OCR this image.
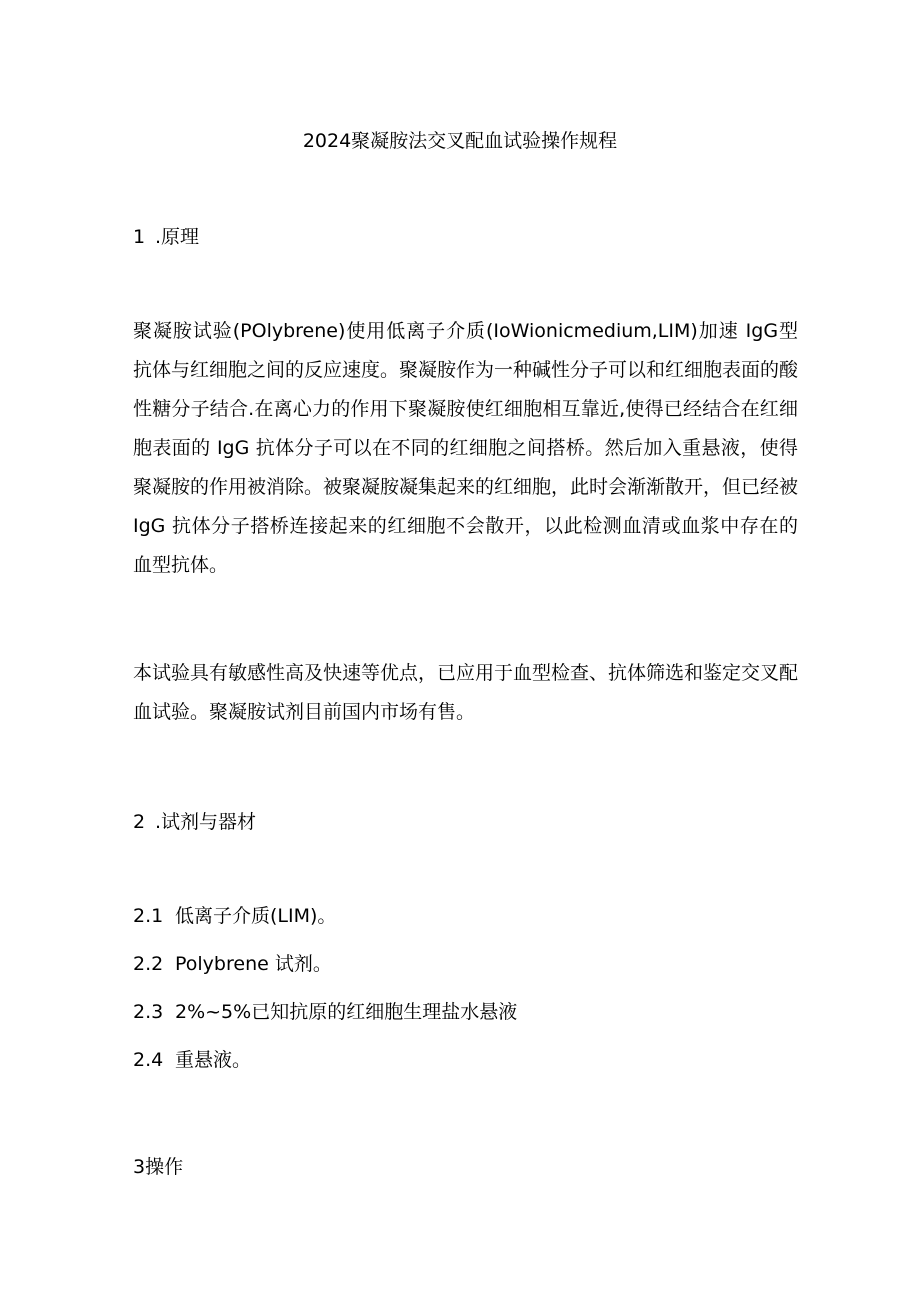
2024聚凝胺法交叉配血试验操作规程
1 .原理

聚凝胺试验(POlybrene)使用低离子介质(IoWionicmedium,LIM)加速 IgG型抗体与红细胞之间的反应速度。聚凝胺作为一种碱性分子可以和红细胞表面的酸性糖分子结合.在离心力的作用下聚凝胺使红细胞相互靠近,使得已经结合在红细胞表面的 IgG 抗体分子可以在不同的红细胞之间搭桥。然后加入重悬液，使得聚凝胺的作用被消除。被聚凝胺凝集起来的红细胞，此时会渐渐散开，但已经被 IgG 抗体分子搭桥连接起来的红细胞不会散开，以此检测血清或血浆中存在的血型抗体。

本试验具有敏感性高及快速等优点，已应用于血型检查、抗体筛选和鉴定交叉配血试验。聚凝胺试剂目前国内市场有售。

2 .试剂与器材
2.1 低离子介质(LIM)。
2.2 Polybrene 试剂。
2.3 2%~5%已知抗原的红细胞生理盐水悬液
2.4 重悬液。
3操作
